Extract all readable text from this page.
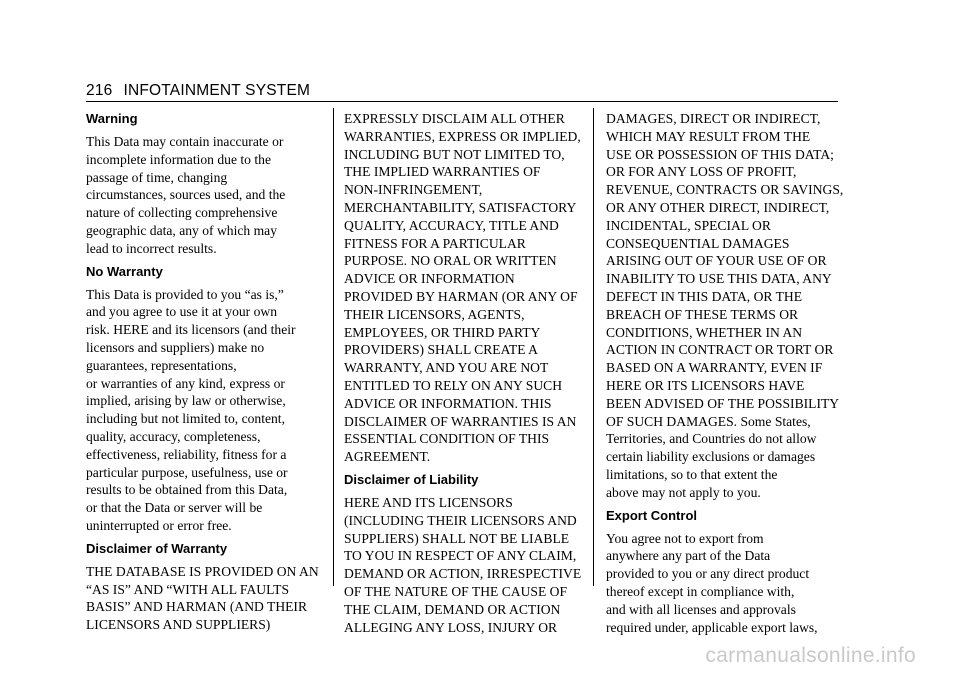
216 INFOTAINMENT SYSTEM
Warning
This Data may contain inaccurate or
incomplete information due to the
passage of time, changing
circumstances, sources used, and the
nature of collecting comprehensive
geographic data, any of which may
lead to incorrect results.
No Warranty
This Data is provided to you “as is,”
and you agree to use it at your own
risk. HERE and its licensors (and their
licensors and suppliers) make no
guarantees, representations,
or warranties of any kind, express or
implied, arising by law or otherwise,
including but not limited to, content,
quality, accuracy, completeness,
effectiveness, reliability, fitness for a
particular purpose, usefulness, use or
results to be obtained from this Data,
or that the Data or server will be
uninterrupted or error free.
Disclaimer of Warranty
THE DATABASE IS PROVIDED ON AN
“AS IS” AND “WITH ALL FAULTS
BASIS” AND HARMAN (AND THEIR
LICENSORS AND SUPPLIERS)
EXPRESSLY DISCLAIM ALL OTHER
WARRANTIES, EXPRESS OR IMPLIED,
INCLUDING BUT NOT LIMITED TO,
THE IMPLIED WARRANTIES OF
NON-INFRINGEMENT,
MERCHANTABILITY, SATISFACTORY
QUALITY, ACCURACY, TITLE AND
FITNESS FOR A PARTICULAR
PURPOSE. NO ORAL OR WRITTEN
ADVICE OR INFORMATION
PROVIDED BY HARMAN (OR ANY OF
THEIR LICENSORS, AGENTS,
EMPLOYEES, OR THIRD PARTY
PROVIDERS) SHALL CREATE A
WARRANTY, AND YOU ARE NOT
ENTITLED TO RELY ON ANY SUCH
ADVICE OR INFORMATION. THIS
DISCLAIMER OF WARRANTIES IS AN
ESSENTIAL CONDITION OF THIS
AGREEMENT.
Disclaimer of Liability
HERE AND ITS LICENSORS
(INCLUDING THEIR LICENSORS AND
SUPPLIERS) SHALL NOT BE LIABLE
TO YOU IN RESPECT OF ANY CLAIM,
DEMAND OR ACTION, IRRESPECTIVE
OF THE NATURE OF THE CAUSE OF
THE CLAIM, DEMAND OR ACTION
ALLEGING ANY LOSS, INJURY OR
DAMAGES, DIRECT OR INDIRECT,
WHICH MAY RESULT FROM THE
USE OR POSSESSION OF THIS DATA;
OR FOR ANY LOSS OF PROFIT,
REVENUE, CONTRACTS OR SAVINGS,
OR ANY OTHER DIRECT, INDIRECT,
INCIDENTAL, SPECIAL OR
CONSEQUENTIAL DAMAGES
ARISING OUT OF YOUR USE OF OR
INABILITY TO USE THIS DATA, ANY
DEFECT IN THIS DATA, OR THE
BREACH OF THESE TERMS OR
CONDITIONS, WHETHER IN AN
ACTION IN CONTRACT OR TORT OR
BASED ON A WARRANTY, EVEN IF
HERE OR ITS LICENSORS HAVE
BEEN ADVISED OF THE POSSIBILITY
OF SUCH DAMAGES. Some States,
Territories, and Countries do not allow
certain liability exclusions or damages
limitations, so to that extent the
above may not apply to you.
Export Control
You agree not to export from
anywhere any part of the Data
provided to you or any direct product
thereof except in compliance with,
and with all licenses and approvals
required under, applicable export laws,
carmanualsonline.info
